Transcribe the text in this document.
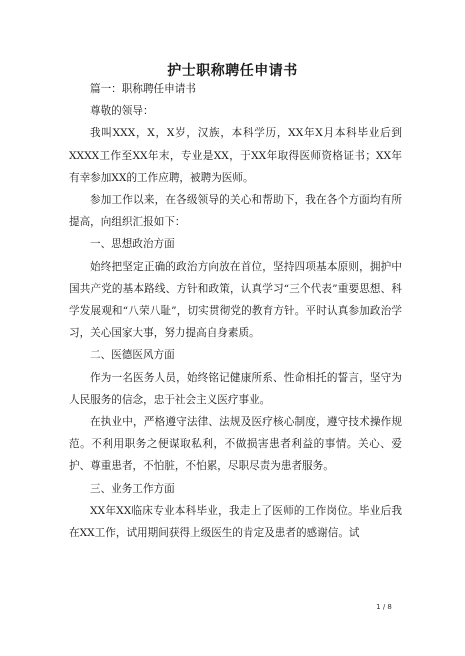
护士职称聘任申请书

篇一：职称聘任申请书

尊敬的领导：

我叫XXX，X，X岁，汉族，本科学历，XX年X月本科毕业后到XXXX工作至XX年末，专业是XX，于XX年取得医师资格证书；XX年有幸参加XX的工作应聘，被聘为医师。

参加工作以来，在各级领导的关心和帮助下，我在各个方面均有所提高，向组织汇报如下：

一、思想政治方面

始终把坚定正确的政治方向放在首位，坚持四项基本原则，拥护中国共产党的基本路线、方针和政策，认真学习“三个代表”重要思想、科学发展观和“八荣八耻”，切实贯彻党的教育方针。平时认真参加政治学习，关心国家大事，努力提高自身素质。

二、医德医风方面

作为一名医务人员，始终铭记健康所系、性命相托的誓言，坚守为人民服务的信念，忠于社会主义医疗事业。

在执业中，严格遵守法律、法规及医疗核心制度，遵守技术操作规范。不利用职务之便谋取私利，不做损害患者利益的事情。关心、爱护、尊重患者，不怕脏，不怕累，尽职尽责为患者服务。

三、业务工作方面

XX年XX临床专业本科毕业，我走上了医师的工作岗位。毕业后我在XX工作，试用期间获得上级医生的肯定及患者的感谢信。试

1 / 8
